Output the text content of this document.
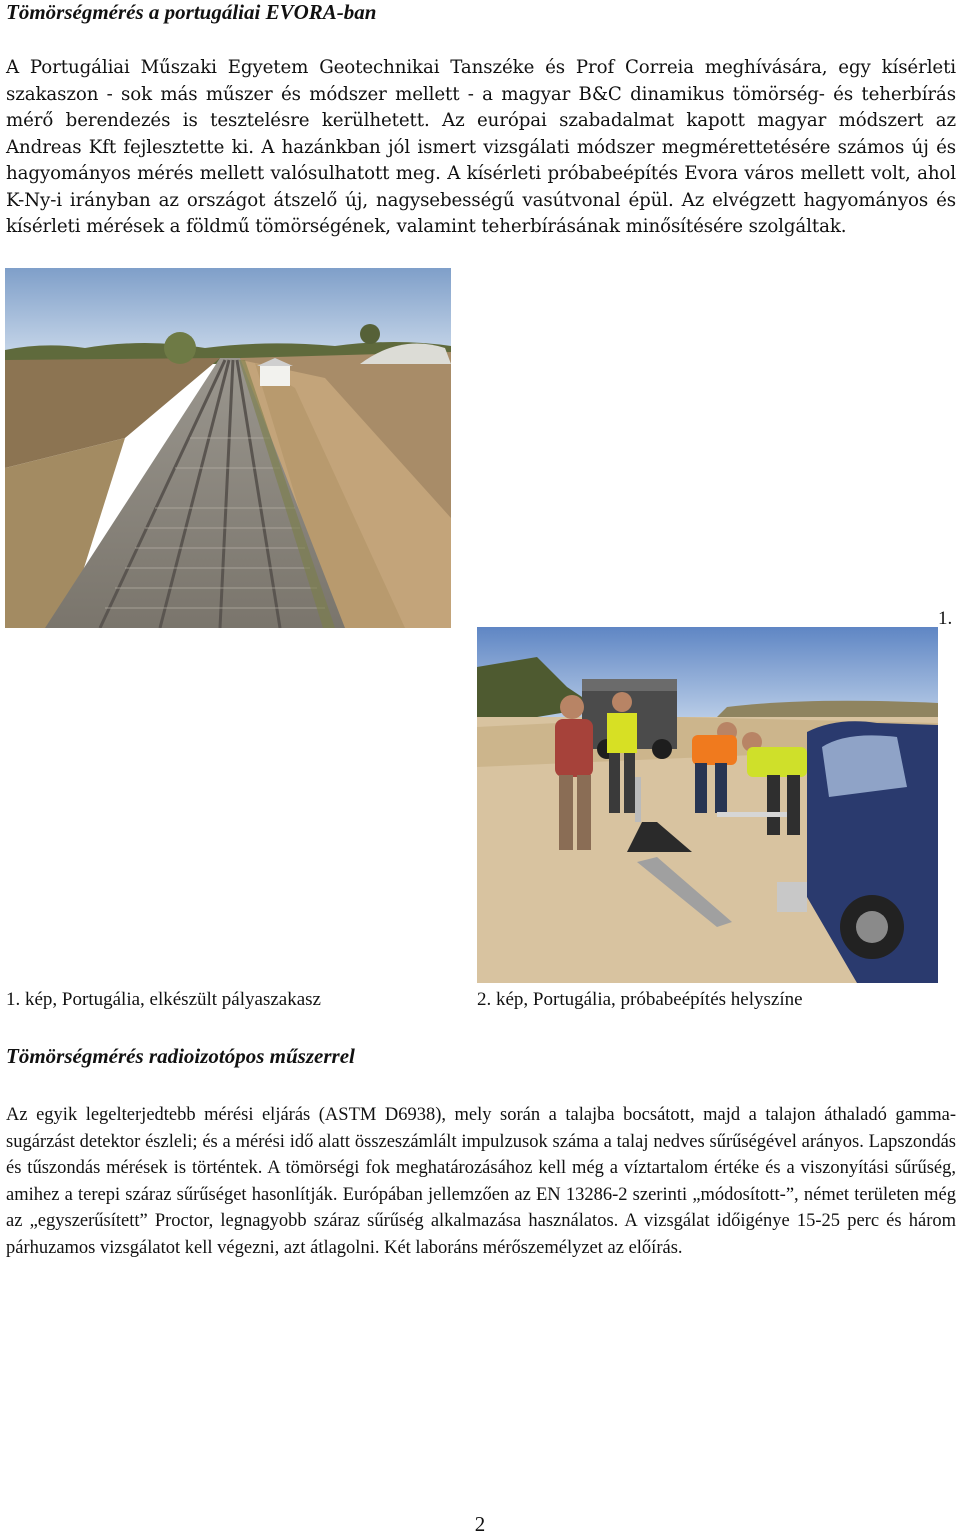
Tömörségmérés a portugáliai EVORA-ban

A Portugáliai Műszaki Egyetem Geotechnikai Tanszéke és Prof Correia meghívására, egy kísérleti szakaszon - sok más műszer és módszer mellett - a magyar B&C dinamikus tömörség- és teherbírás mérő berendezés is tesztelésre kerülhetett. Az európai szabadalmat kapott magyar módszert az Andreas Kft fejlesztette ki. A hazánkban jól ismert vizsgálati módszer megmérettetésére számos új és hagyományos mérés mellett valósulhatott meg. A kísérleti próbabeépítés Evora város mellett volt, ahol K-Ny-i irányban az országot átszelő új, nagysebességű vasútvonal épül. Az elvégzett hagyományos és kísérleti mérések a földmű tömörségének, valamint teherbírásának minősítésére szolgáltak.

1.
1. kép, Portugália, elkészült pályaszakasz	2. kép, Portugália, próbabeépítés helyszíne
Tömörségmérés radioizotópos műszerrel

Az egyik legelterjedtebb mérési eljárás (ASTM D6938), mely során a talajba bocsátott, majd a talajon áthaladó gamma-sugárzást detektor észleli; és a mérési idő alatt összeszámlált impulzusok száma a talaj nedves sűrűségével arányos. Lapszondás és tűszondás mérések is történtek. A tömörségi fok meghatározásához kell még a víztartalom értéke és a viszonyítási sűrűség, amihez a terepi száraz sűrűséget hasonlítják. Európában jellemzően az EN 13286-2 szerinti „módosított-”, német területen még az „egyszerűsített” Proctor, legnagyobb száraz sűrűség alkalmazása használatos. A vizsgálat időigénye 15-25 perc és három párhuzamos vizsgálatot kell végezni, azt átlagolni. Két laboráns mérőszemélyzet az előírás.

2
